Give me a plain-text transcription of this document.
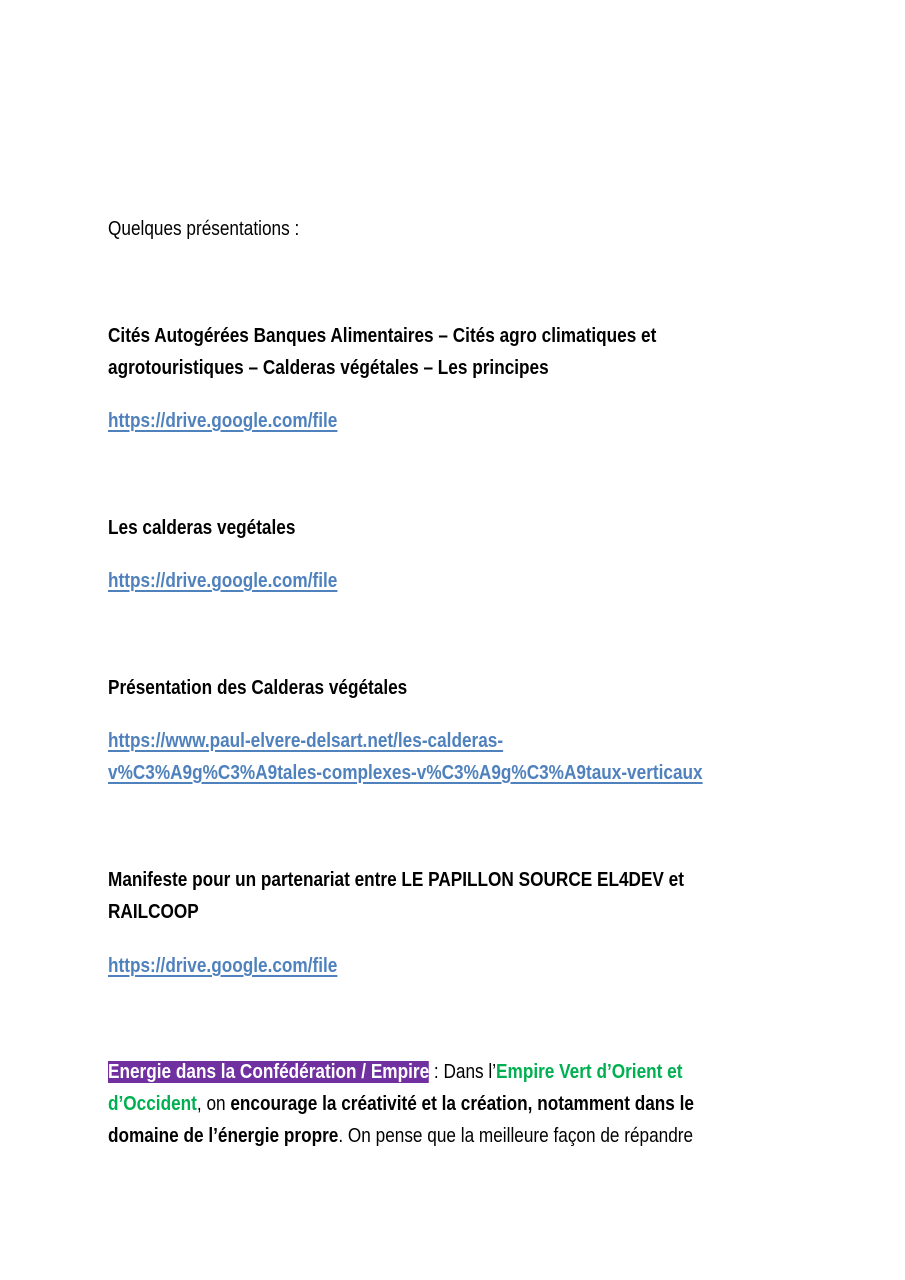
Quelques présentations :
Cités Autogérées Banques Alimentaires – Cités agro climatiques et
agrotouristiques – Calderas végétales – Les principes
https://drive.google.com/file
Les calderas vegétales
https://drive.google.com/file
Présentation des Calderas végétales
https://www.paul-elvere-delsart.net/les-calderas-
v%C3%A9g%C3%A9tales-complexes-v%C3%A9g%C3%A9taux-verticaux
Manifeste pour un partenariat entre LE PAPILLON SOURCE EL4DEV et
RAILCOOP
https://drive.google.com/file
Energie dans la Confédération / Empire : Dans l’Empire Vert d’Orient et
d’Occident, on encourage la créativité et la création, notamment dans le
domaine de l’énergie propre. On pense que la meilleure façon de répandre
